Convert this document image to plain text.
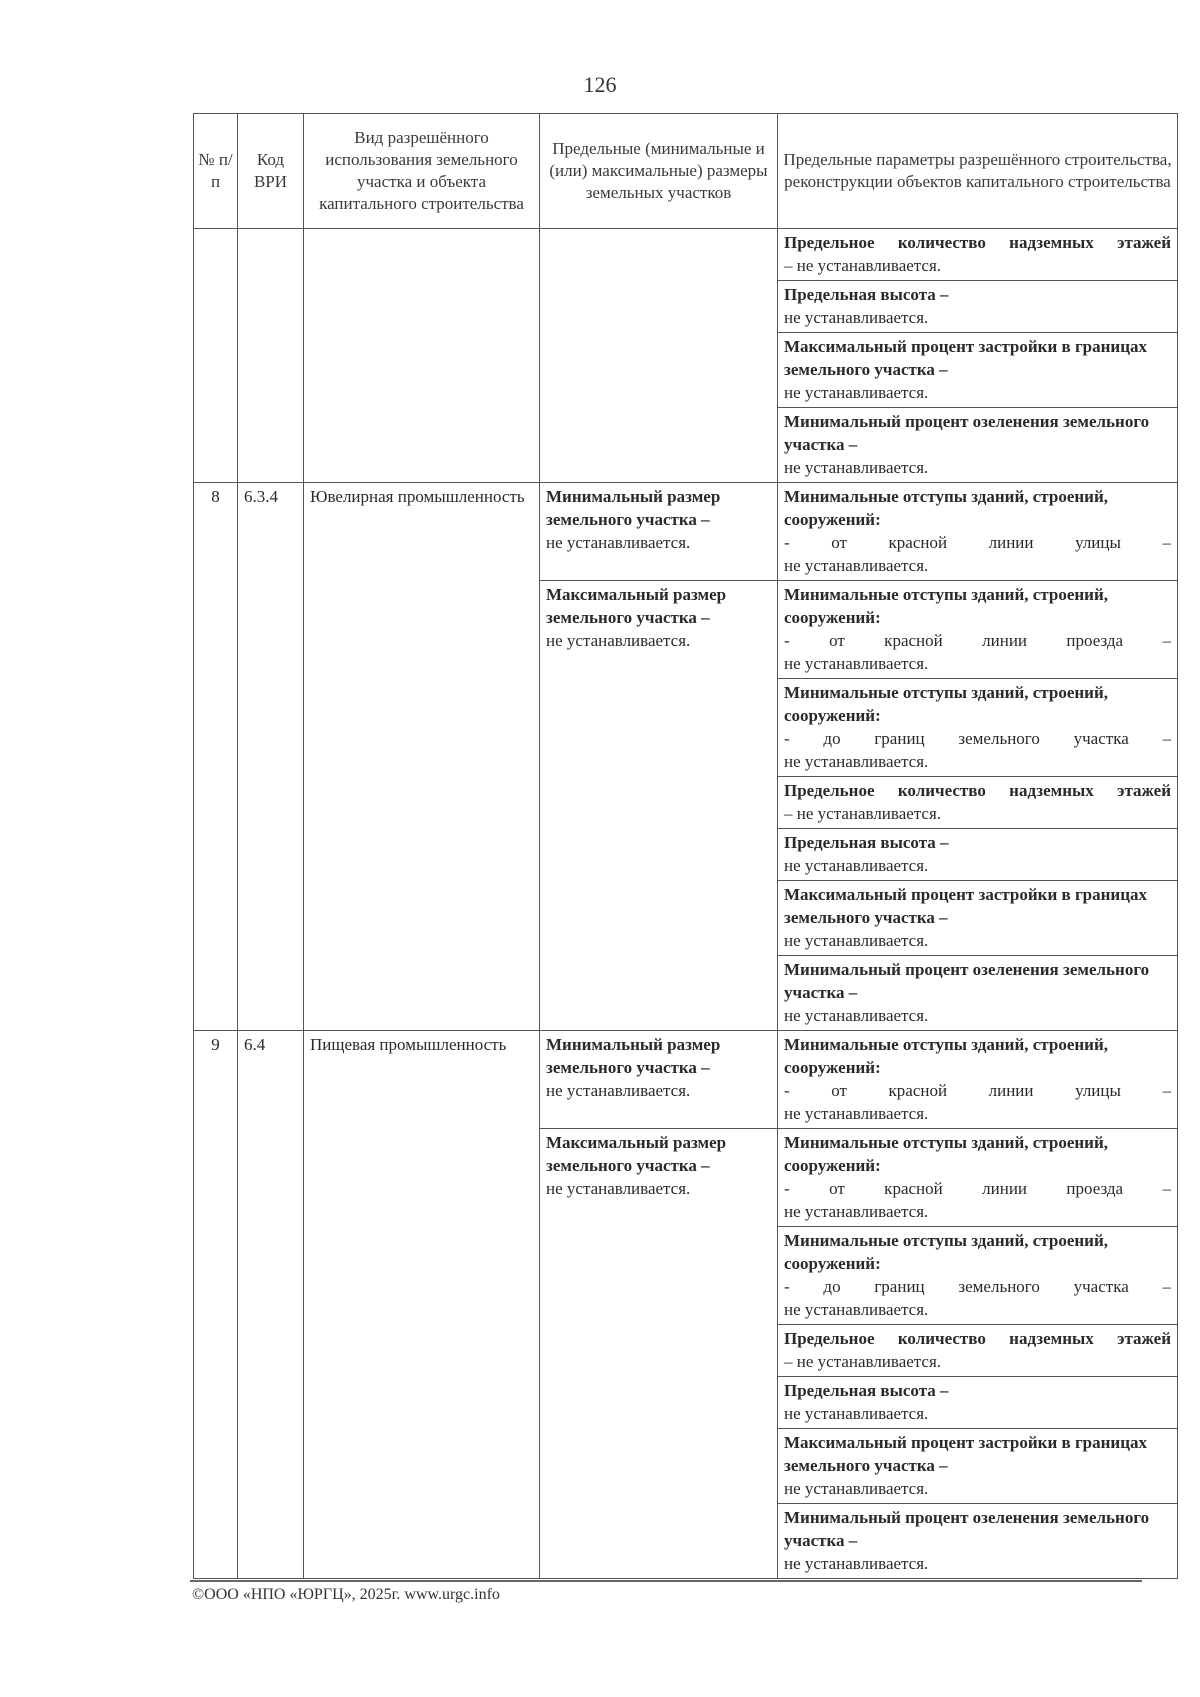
126
№ п/п	Код ВРИ	Вид разрешённого использования земельного участка и объекта капитального строительства	Предельные (минимальные и (или) максимальные) размеры земельных участков	Предельные параметры разрешённого строительства, реконструкции объектов капитального строительства

				Предельное количество надземных этажей
– не устанавливается.

				Предельная высота –
не устанавливается.

				Максимальный процент застройки в границах земельного участка –
не устанавливается.

				Минимальный процент озеленения земельного участка –
не устанавливается.

8	6.3.4	Ювелирная промышленность	Минимальный размер земельного участка –
не устанавливается.	Минимальные отступы зданий, строений, сооружений:
- от красной линии улицы –
не устанавливается.

			Максимальный размер земельного участка –
не устанавливается.	Минимальные отступы зданий, строений, сооружений:
- от красной линии проезда –
не устанавливается.

				Минимальные отступы зданий, строений, сооружений:
- до границ земельного участка –
не устанавливается.

				Предельное количество надземных этажей
– не устанавливается.

				Предельная высота –
не устанавливается.

				Максимальный процент застройки в границах земельного участка –
не устанавливается.

				Минимальный процент озеленения земельного участка –
не устанавливается.

9	6.4	Пищевая промышленность	Минимальный размер земельного участка –
не устанавливается.	Минимальные отступы зданий, строений, сооружений:
- от красной линии улицы –
не устанавливается.

			Максимальный размер земельного участка –
не устанавливается.	Минимальные отступы зданий, строений, сооружений:
- от красной линии проезда –
не устанавливается.

				Минимальные отступы зданий, строений, сооружений:
- до границ земельного участка –
не устанавливается.

				Предельное количество надземных этажей
– не устанавливается.

				Предельная высота –
не устанавливается.

				Максимальный процент застройки в границах земельного участка –
не устанавливается.

				Минимальный процент озеленения земельного участка –
не устанавливается.
©ООО «НПО «ЮРГЦ», 2025г. www.urgc.info
